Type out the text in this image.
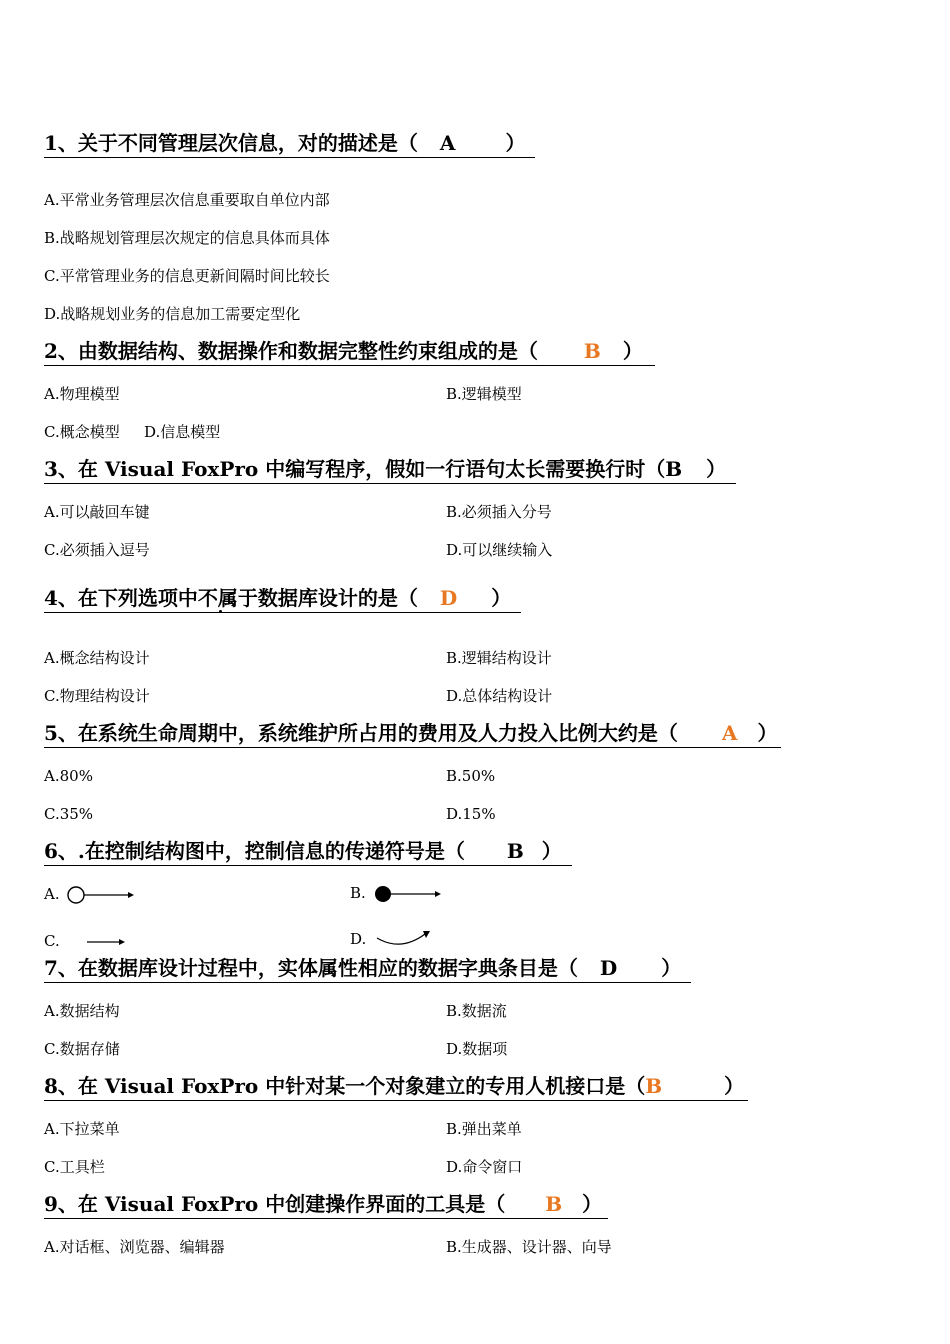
1、关于不同管理层次信息，对的描述是（ A	）
A.平常业务管理层次信息重要取自单位内部
B.战略规划管理层次规定的信息具体而具体
C.平常管理业务的信息更新间隔时间比较长
D.战略规划业务的信息加工需要定型化
2、由数据结构、数据操作和数据完整性约束组成的是（ B ）
A.物理模型	B.逻辑模型
C.概念模型 D.信息模型
3、在 Visual FoxPro 中编写程序，假如一行语句太长需要换行时（B ）
A.可以敲回车键	B.必须插入分号
C.必须插入逗号	D.可以继续输入
4、在下列选项中不属于数据库设计的是（ D ）
A.概念结构设计	B.逻辑结构设计
C.物理结构设计	D.总体结构设计
5、在系统生命周期中，系统维护所占用的费用及人力投入比例大约是（ A ）
A.80%	B.50%
C.35%	D.15%
6、.在控制结构图中，控制信息的传递符号是（ B ）
A.	B.
C.	D.
7、在数据库设计过程中，实体属性相应的数据字典条目是（ D ）
A.数据结构	B.数据流
C.数据存储	D.数据项
8、在 Visual FoxPro 中针对某一个对象建立的专用人机接口是（B	）
A.下拉菜单	B.弹出菜单
C.工具栏	D.命令窗口
9、在 Visual FoxPro 中创建操作界面的工具是（ B ）
A.对话框、浏览器、编辑器	B.生成器、设计器、向导
